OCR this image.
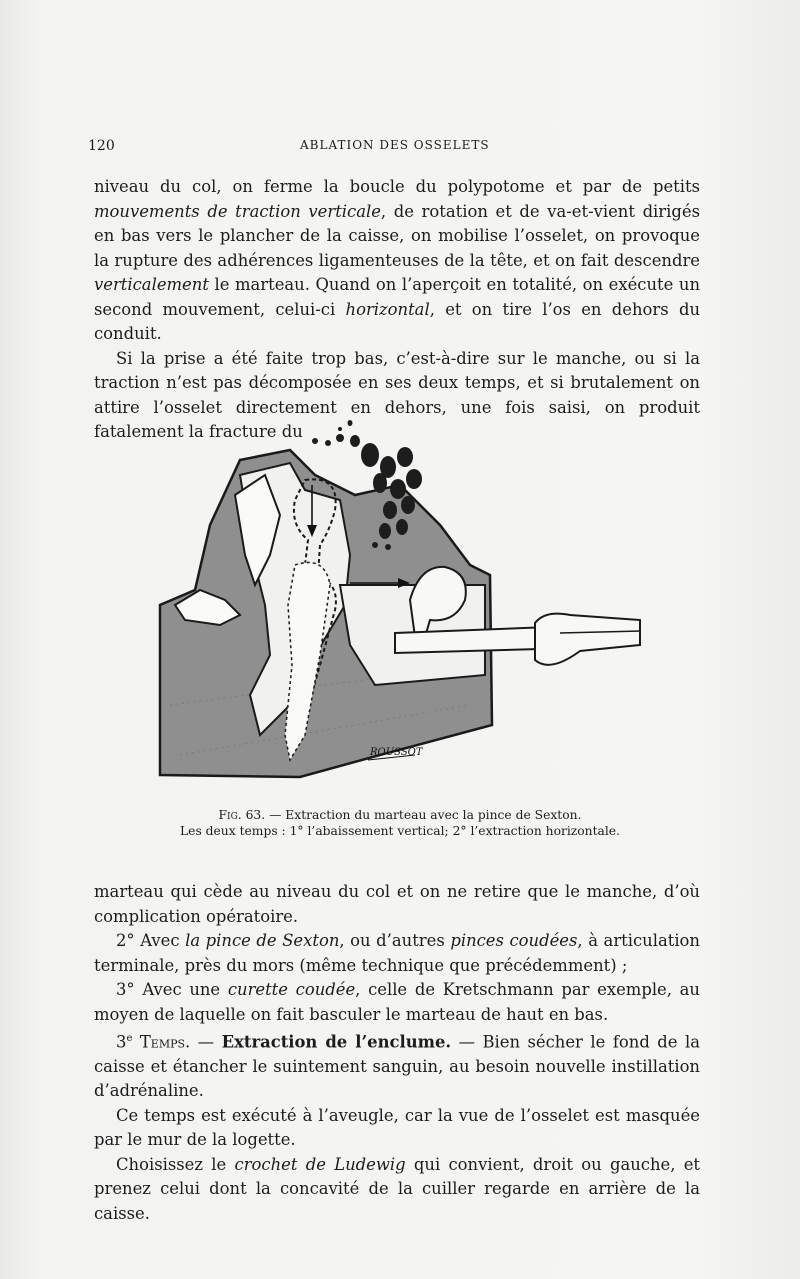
120	ABLATION DES OSSELETS

niveau du col, on ferme la boucle du polypotome et par de petits mouvements de traction verticale, de rotation et de va-et-vient dirigés en bas vers le plancher de la caisse, on mobilise l’osselet, on provoque la rupture des adhérences ligamenteuses de la tête, et on fait descendre verticalement le marteau. Quand on l’aperçoit en totalité, on exécute un second mouvement, celui-ci horizontal, et on tire l’os en dehors du conduit.

Si la prise a été faite trop bas, c’est-à-dire sur le manche, ou si la traction n’est pas décomposée en ses deux temps, et si brutalement on attire l’osselet directement en dehors, une fois saisi, on produit fatalement la fracture du

ROUSSOT
Fig. 63. — Extraction du marteau avec la pince de Sexton.
Les deux temps : 1° l’abaissement vertical; 2° l’extraction horizontale.

marteau qui cède au niveau du col et on ne retire que le manche, d’où complication opératoire.

2° Avec la pince de Sexton, ou d’autres pinces coudées, à articulation terminale, près du mors (même technique que précédemment) ;

3° Avec une curette coudée, celle de Kretschmann par exemple, au moyen de laquelle on fait basculer le marteau de haut en bas.

3e Temps. — Extraction de l’enclume. — Bien sécher le fond de la caisse et étancher le suintement sanguin, au besoin nouvelle instillation d’adrénaline.

Ce temps est exécuté à l’aveugle, car la vue de l’osselet est masquée par le mur de la logette.

Choisissez le crochet de Ludewig qui convient, droit ou gauche, et prenez celui dont la concavité de la cuiller regarde en arrière de la caisse.
